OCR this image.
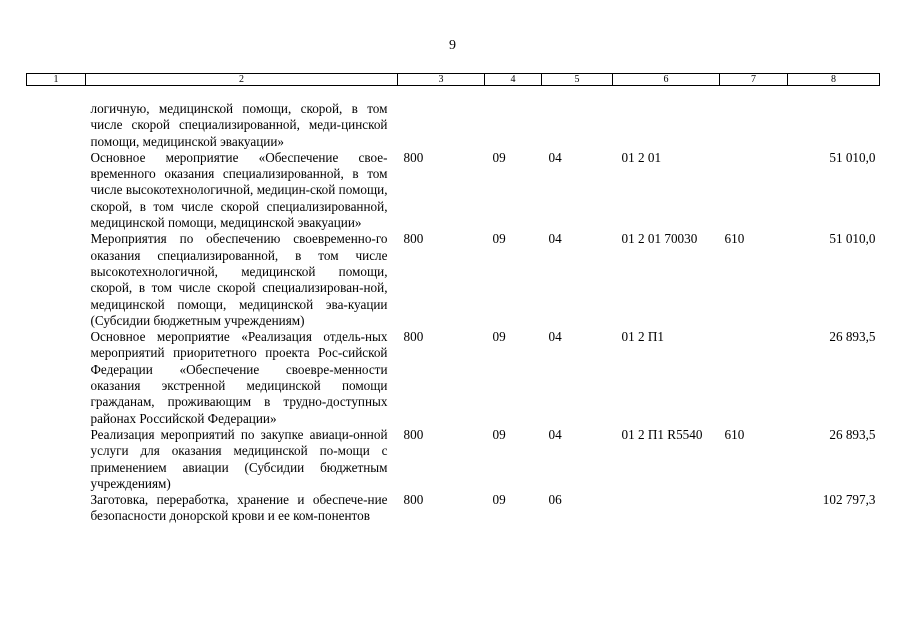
9
1	2	3	4	5	6	7	8
	логичную, медицинской помощи, скорой, в том числе скорой специализированной, меди-цинской помощи, медицинской эвакуации»						
	Основное мероприятие «Обеспечение свое-временного оказания специализированной, в том числе высокотехнологичной, медицин-ской помощи, скорой, в том числе скорой специализированной, медицинской помощи, медицинской эвакуации»	800	09	04	01 2 01		51 010,0
	Мероприятия по обеспечению своевременно-го оказания специализированной, в том числе высокотехнологичной, медицинской помощи, скорой, в том числе скорой специализирован-ной, медицинской помощи, медицинской эва-куации (Субсидии бюджетным учреждениям)	800	09	04	01 2 01 70030	610	51 010,0
	Основное мероприятие «Реализация отдель-ных мероприятий приоритетного проекта Рос-сийской Федерации «Обеспечение своевре-менности оказания экстренной медицинской помощи гражданам, проживающим в трудно-доступных районах Российской Федерации»	800	09	04	01 2 П1		26 893,5
	Реализация мероприятий по закупке авиаци-онной услуги для оказания медицинской по-мощи с применением авиации (Субсидии бюджетным учреждениям)	800	09	04	01 2 П1 R5540	610	26 893,5
	Заготовка, переработка, хранение и обеспече-ние безопасности донорской крови и ее ком-понентов	800	09	06			102 797,3
